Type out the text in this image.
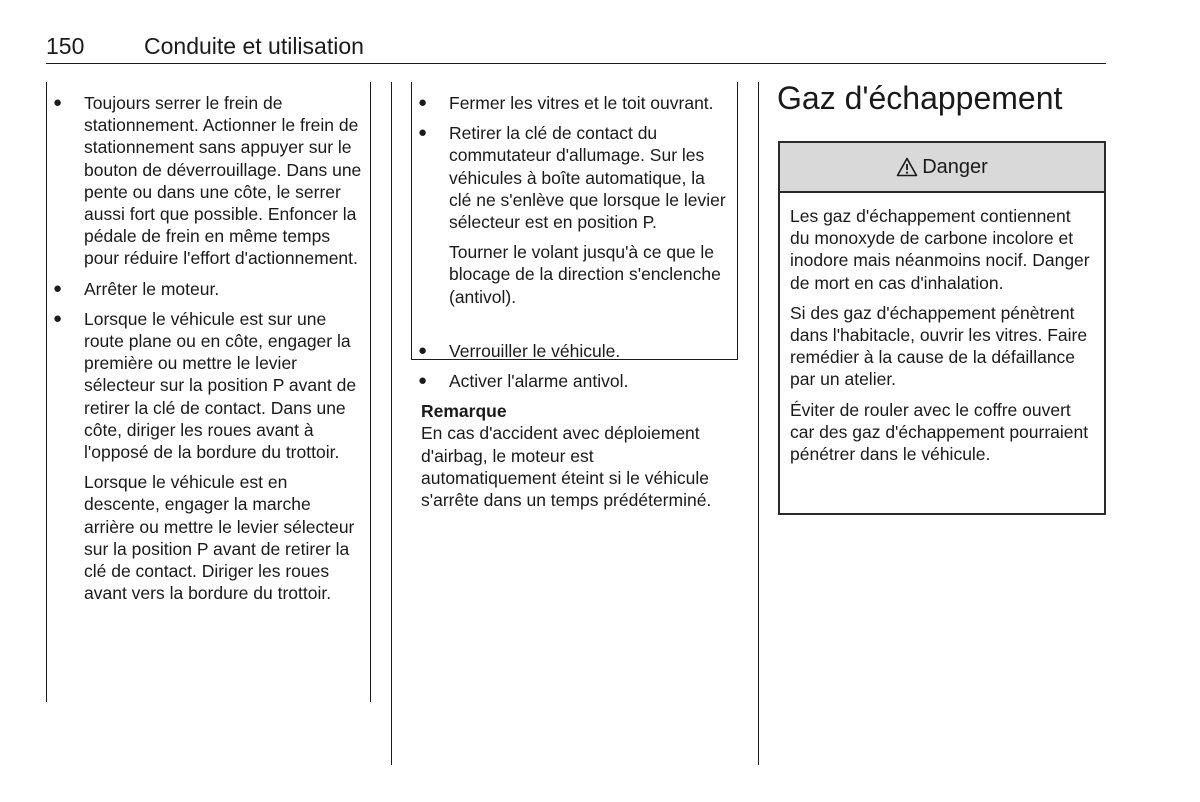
150	Conduite et utilisation
● Toujours serrer le frein de stationnement. Actionner le frein de stationnement sans appuyer sur le bouton de déverrouillage. Dans une pente ou dans une côte, le serrer aussi fort que possible. Enfoncer la pédale de frein en même temps pour réduire l'effort d'actionnement.
● Arrêter le moteur.
● Lorsque le véhicule est sur une route plane ou en côte, engager la première ou mettre le levier sélecteur sur la position P avant de retirer la clé de contact. Dans une côte, diriger les roues avant à l'opposé de la bordure du trottoir.
Lorsque le véhicule est en descente, engager la marche arrière ou mettre le levier sélecteur sur la position P avant de retirer la clé de contact. Diriger les roues avant vers la bordure du trottoir.
● Fermer les vitres et le toit ouvrant.
● Retirer la clé de contact du commutateur d'allumage. Sur les véhicules à boîte automatique, la clé ne s'enlève que lorsque le levier sélecteur est en position P.
Tourner le volant jusqu'à ce que le blocage de la direction s'enclenche (antivol).
● Verrouiller le véhicule.
● Activer l'alarme antivol.
Remarque
En cas d'accident avec déploiement d'airbag, le moteur est automatiquement éteint si le véhicule s'arrête dans un temps prédéterminé.
Gaz d'échappement
Danger

Les gaz d'échappement contiennent du monoxyde de carbone incolore et inodore mais néanmoins nocif. Danger de mort en cas d'inhalation.

Si des gaz d'échappement pénètrent dans l'habitacle, ouvrir les vitres. Faire remédier à la cause de la défaillance par un atelier.

Éviter de rouler avec le coffre ouvert car des gaz d'échappement pourraient pénétrer dans le véhicule.
